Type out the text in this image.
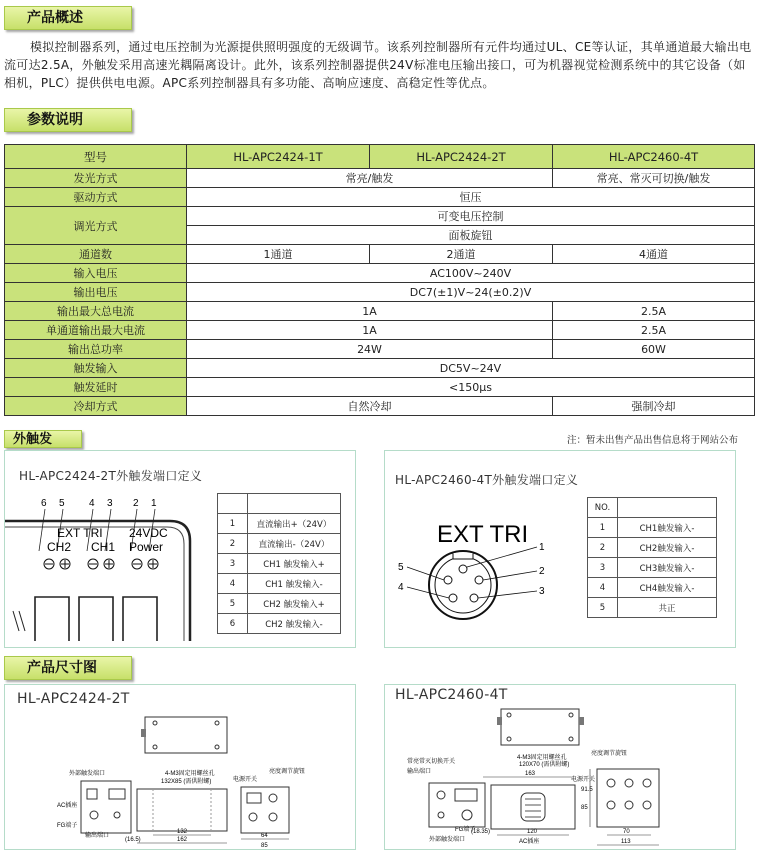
产品概述
模拟控制器系列，通过电压控制为光源提供照明强度的无级调节。该系列控制器所有元件均通过UL、CE等认证，其单通道最大输出电流可达2.5A，外触发采用高速光耦隔离设计。此外，该系列控制器提供24V标准电压输出接口，可为机器视觉检测系统中的其它设备（如相机，PLC）提供供电电源。APC系列控制器具有多功能、高响应速度、高稳定性等优点。
参数说明
型号	HL-APC2424-1T	HL-APC2424-2T	HL-APC2460-4T
发光方式	常亮/触发		常亮、常灭可切换/触发
驱动方式	恒压		
调光方式	可变电压控制		
	面板旋钮		
通道数	1通道	2通道	4通道
输入电压	AC100V~240V		
输出电压	DC7(±1)V~24(±0.2)V		
输出最大总电流	1A		2.5A
单通道输出最大电流	1A		2.5A
输出总功率	24W		60W
触发输入	DC5V~24V		
触发延时	<150μs		
冷却方式	自然冷却		强制冷却
注：暂未出售产品出售信息将于网站公布
外触发
HL-APC2424-2T外触发端口定义
6 5 4 3 2 1
EXT TRI 24VDC
CH2 CH1 Power

1	直流输出+（24V）
2	直流输出-（24V）
3	CH1 触发输入+
4	CH1 触发输入-
5	CH2 触发输入+
6	CH2 触发输入-
HL-APC2460-4T外触发端口定义
EXT TRI 1
2
3
4
5
NO.	
1	CH1触发输入-
2	CH2触发输入-
3	CH3触发输入-
4	CH4触发输入-
5	共正
产品尺寸图
HL-APC2424-2T
4-M3固定用螺丝孔
132X85 (需供附螺)
外部触发端口
AC插座
FG端子
输出端口
132
162
(16.5)
电源开关
亮度调节旋钮
64
85
HL-APC2460-4T
4-M3固定用螺丝孔
120X70 (需供附螺)
常亮常灭切换开关
输出端口	163
FG端子
外部触发端口	AC插座
120
(18.35)
电源开关
亮度调节旋钮
91.5
85
70
113
